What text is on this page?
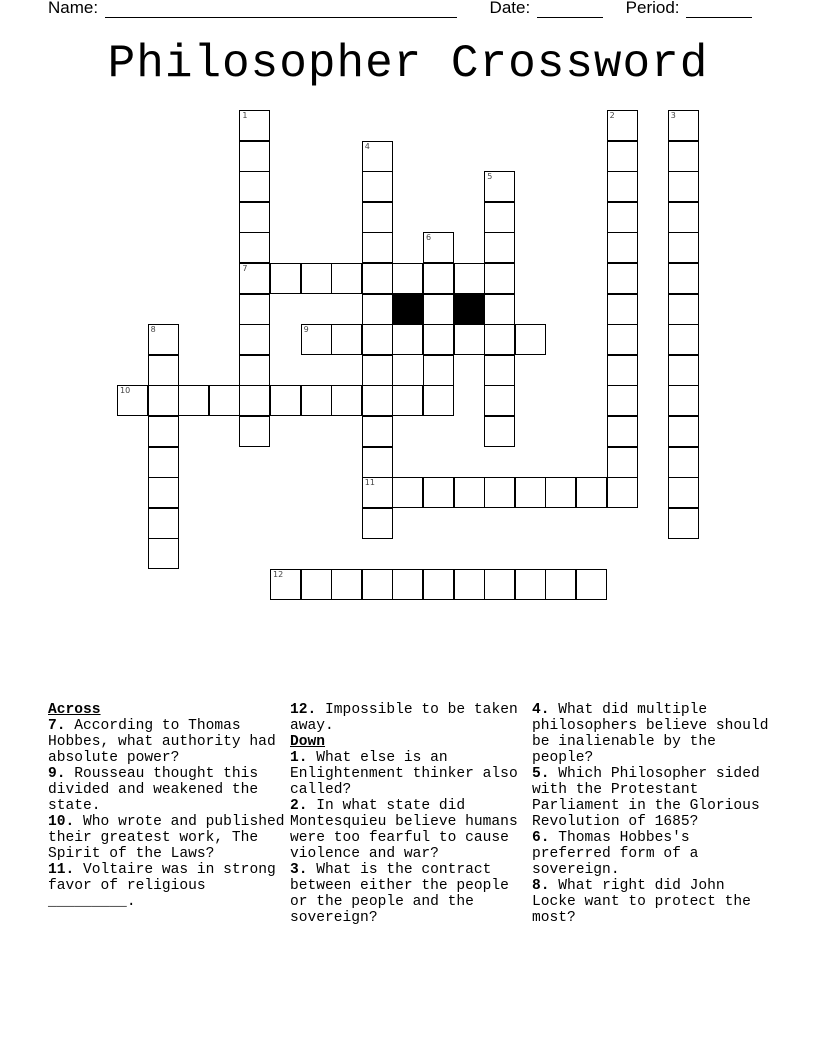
Name:	Date:	Period:
Philosopher Crossword
1
7
2	3
4
11
5
6
9
8
10
12
Across
7. According to Thomas Hobbes, what authority had absolute power?
9. Rousseau thought this divided and weakened the state.
10. Who wrote and published their greatest work, The Spirit of the Laws?
11. Voltaire was in strong favor of religious _________.
12. Impossible to be taken away.
Down
1. What else is an Enlightenment thinker also called?
2. In what state did Montesquieu believe humans were too fearful to cause violence and war?
3. What is the contract between either the people or the people and the sovereign?
4. What did multiple philosophers believe should be inalienable by the people?
5. Which Philosopher sided with the Protestant Parliament in the Glorious Revolution of 1685?
6. Thomas Hobbes's preferred form of a sovereign.
8. What right did John Locke want to protect the most?
